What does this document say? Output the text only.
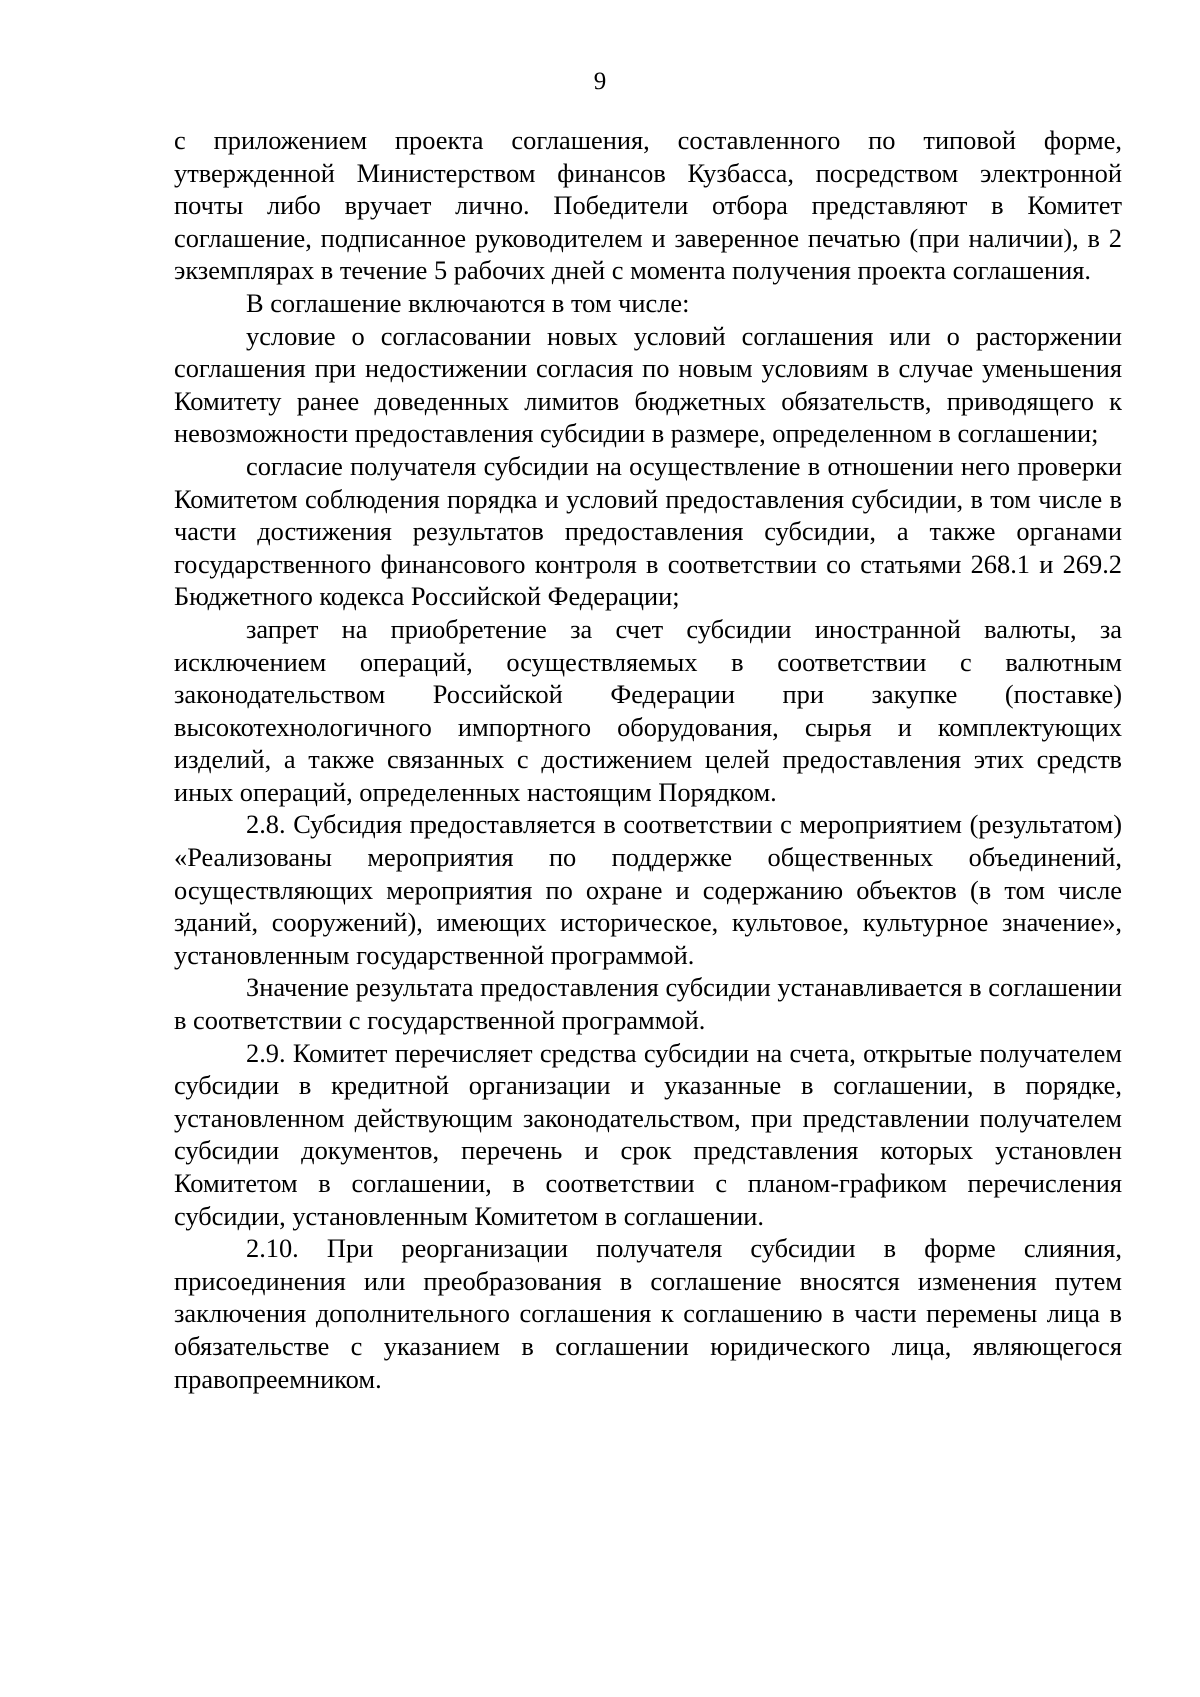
9

с приложением проекта соглашения, составленного по типовой форме, утвержденной Министерством финансов Кузбасса, посредством электронной почты либо вручает лично. Победители отбора представляют в Комитет соглашение, подписанное руководителем и заверенное печатью (при наличии), в 2 экземплярах в течение 5 рабочих дней с момента получения проекта соглашения.

В соглашение включаются в том числе:

условие о согласовании новых условий соглашения или о расторжении соглашения при недостижении согласия по новым условиям в случае уменьшения Комитету ранее доведенных лимитов бюджетных обязательств, приводящего к невозможности предоставления субсидии в размере, определенном в соглашении;

согласие получателя субсидии на осуществление в отношении него проверки Комитетом соблюдения порядка и условий предоставления субсидии, в том числе в части достижения результатов предоставления субсидии, а также органами государственного финансового контроля в соответствии со статьями 268.1 и 269.2 Бюджетного кодекса Российской Федерации;

запрет на приобретение за счет субсидии иностранной валюты, за исключением операций, осуществляемых в соответствии с валютным законодательством Российской Федерации при закупке (поставке) высокотехнологичного импортного оборудования, сырья и комплектующих изделий, а также связанных с достижением целей предоставления этих средств иных операций, определенных настоящим Порядком.

2.8. Субсидия предоставляется в соответствии с мероприятием (результатом) «Реализованы мероприятия по поддержке общественных объединений, осуществляющих мероприятия по охране и содержанию объектов (в том числе зданий, сооружений), имеющих историческое, культовое, культурное значение», установленным государственной программой.

Значение результата предоставления субсидии устанавливается в соглашении в соответствии с государственной программой.

2.9. Комитет перечисляет средства субсидии на счета, открытые получателем субсидии в кредитной организации и указанные в соглашении, в порядке, установленном действующим законодательством, при представлении получателем субсидии документов, перечень и срок представления которых установлен Комитетом в соглашении, в соответствии с планом-графиком перечисления субсидии, установленным Комитетом в соглашении.

2.10. При реорганизации получателя субсидии в форме слияния, присоединения или преобразования в соглашение вносятся изменения путем заключения дополнительного соглашения к соглашению в части перемены лица в обязательстве с указанием в соглашении юридического лица, являющегося правопреемником.
